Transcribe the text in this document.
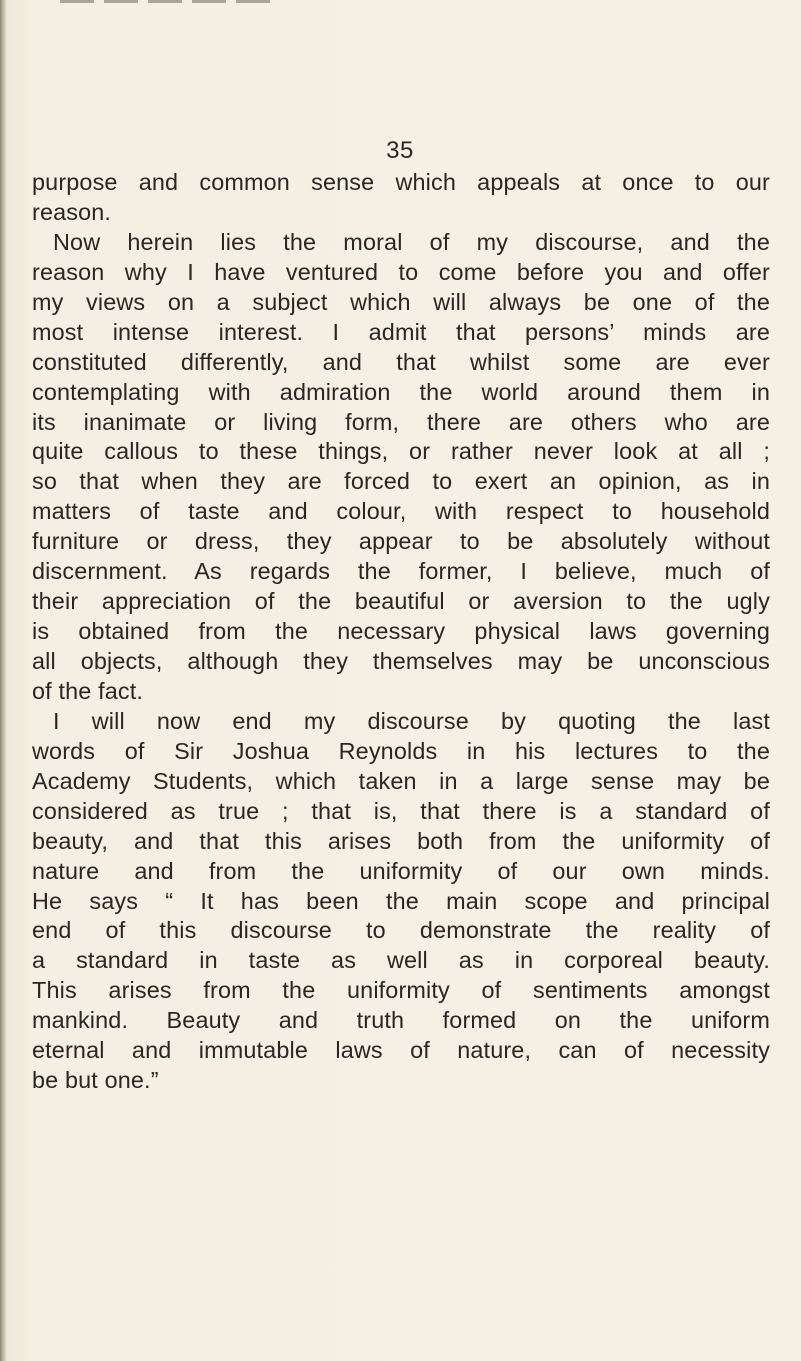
35
purpose and common sense which appeals at once to our
reason.
Now herein lies the moral of my discourse, and the
reason why I have ventured to come before you and offer
my views on a subject which will always be one of the
most intense interest. I admit that persons’ minds are
constituted differently, and that whilst some are ever
contemplating with admiration the world around them in
its inanimate or living form, there are others who are
quite callous to these things, or rather never look at all ;
so that when they are forced to exert an opinion, as in
matters of taste and colour, with respect to household
furniture or dress, they appear to be absolutely without
discernment. As regards the former, I believe, much of
their appreciation of the beautiful or aversion to the ugly
is obtained from the necessary physical laws governing
all objects, although they themselves may be unconscious
of the fact.
I will now end my discourse by quoting the last
words of Sir Joshua Reynolds in his lectures to the
Academy Students, which taken in a large sense may be
considered as true ; that is, that there is a standard of
beauty, and that this arises both from the uniformity of
nature and from the uniformity of our own minds.
He says “ It has been the main scope and principal
end of this discourse to demonstrate the reality of
a standard in taste as well as in corporeal beauty.
This arises from the uniformity of sentiments amongst
mankind. Beauty and truth formed on the uniform
eternal and immutable laws of nature, can of necessity
be but one.”
